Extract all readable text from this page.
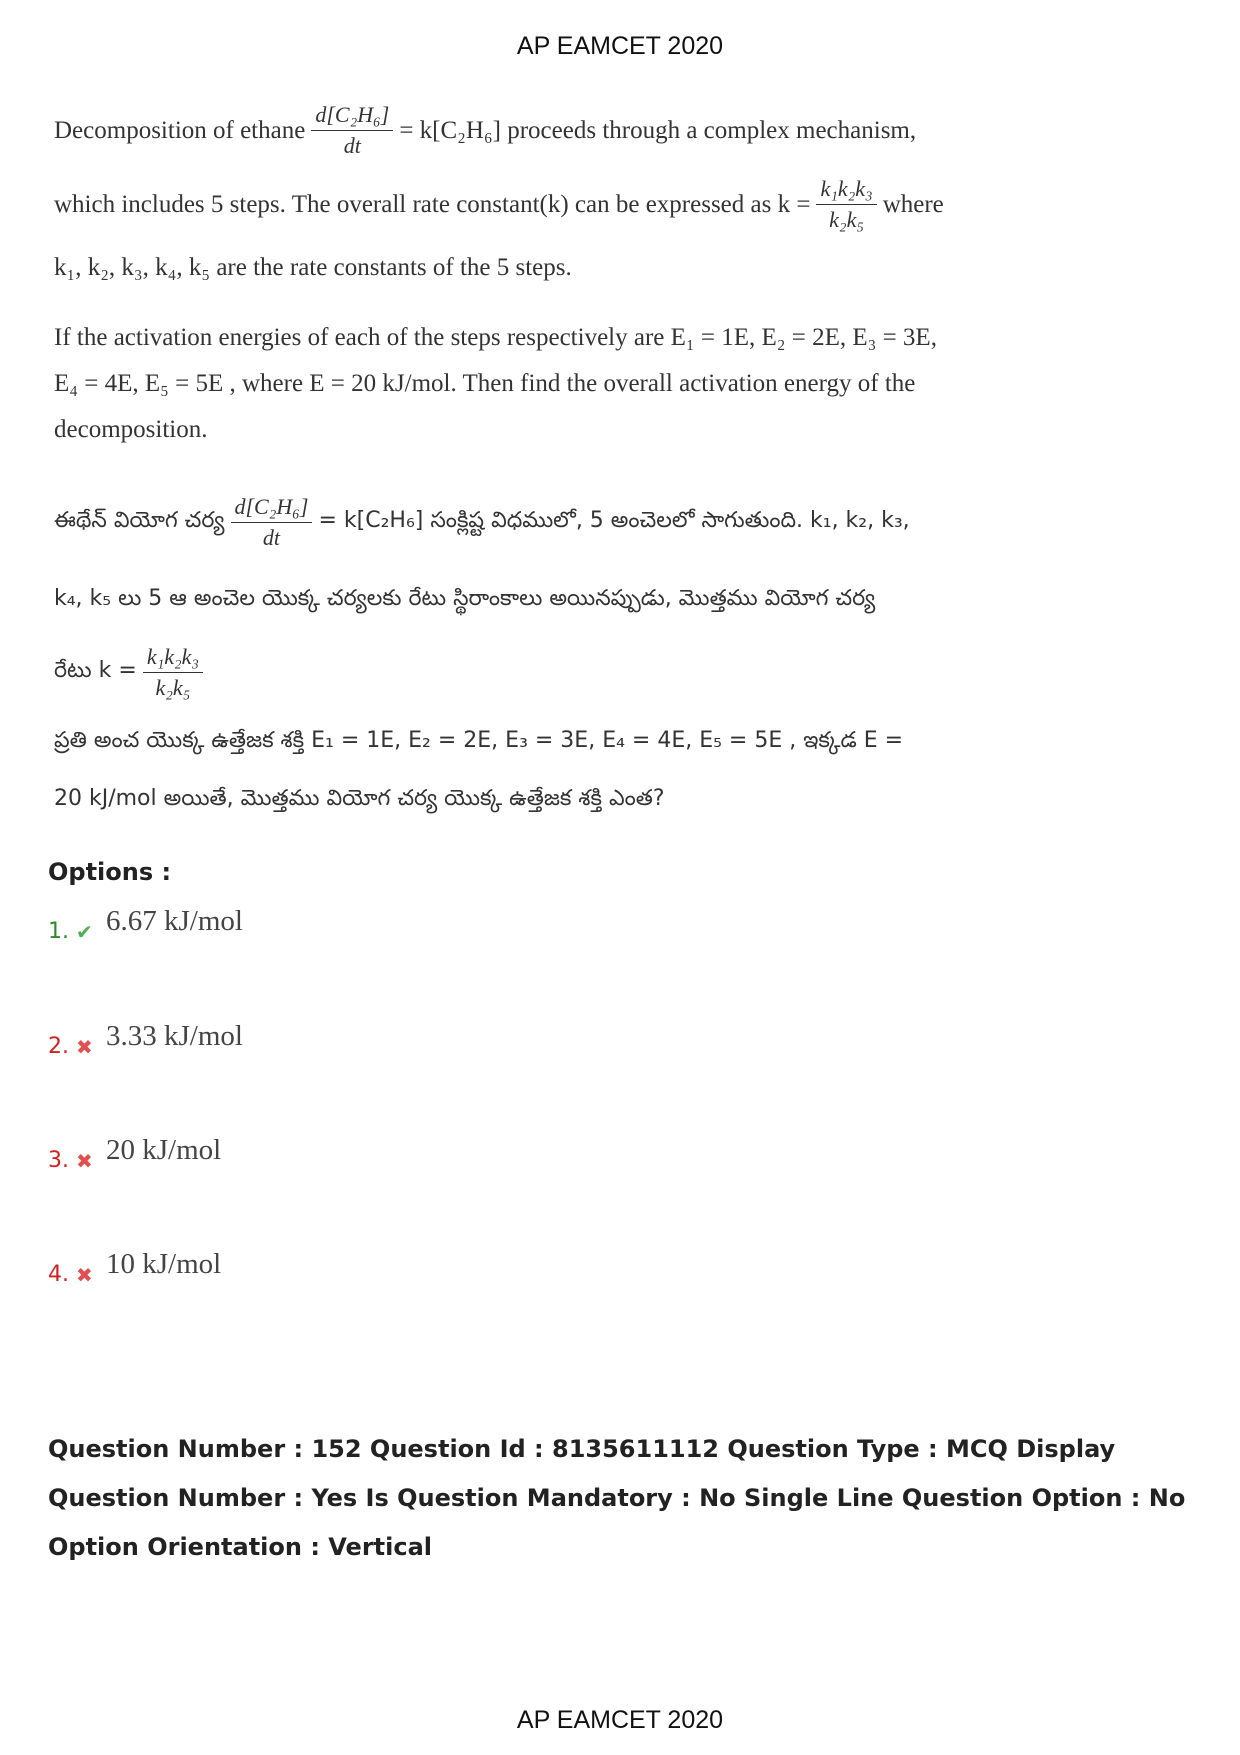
AP EAMCET 2020
Decomposition of ethane $\frac{\text{d[C₂H₆]}}{dt} = k[C_2H_6]$ proceeds through a complex mechanism,
which includes 5 steps. The overall rate constant(k) can be expressed as $k = \frac{\text{k₁k₂k₃}}{\text{k₂k₅}}$ where
k₁, k₂, k₃, k₄, k₅ are the rate constants of the 5 steps.
If the activation energies of each of the steps respectively are E₁ = 1E, E₂ = 2E, E₃ = 3E,
E₄ = 4E, E₅ = 5E , where E = 20 kJ/mol. Then find the overall activation energy of the
decomposition.
ఈథేన్ వియోగ చర్య $\frac{\text{d[C₂H₆]}}{dt} = k[C_2H_6]$ సంక్లిష్ట విధములో, 5 అంచెలలో సాగుతుంది. k₁, k₂, k₃,
k₄, k₅ లు 5 ఆ అంచెల యొక్క చర్యలకు రేటు స్థిరాంకాలు అయినప్పుడు, మొత్తము వియోగ చర్య
రేటు $k = \frac{\text{k₁k₂k₃}}{\text{k₂k₅}}$
ప్రతి అంచ యొక్క ఉత్తేజక శక్తి E₁ = 1E, E₂ = 2E, E₃ = 3E, E₄ = 4E, E₅ = 5E , ఇక్కడ E =
20 kJ/mol అయితే, మొత్తము వియోగ చర్య యొక్క ఉత్తేజక శక్తి ఎంత?
Options :
1. ✔ 6.67 kJ/mol
2. ✖ 3.33 kJ/mol
3. ✖ 20 kJ/mol
4. ✖ 10 kJ/mol
Question Number : 152 Question Id : 8135611112 Question Type : MCQ Display Question Number : Yes Is Question Mandatory : No Single Line Question Option : No Option Orientation : Vertical
AP EAMCET 2020
